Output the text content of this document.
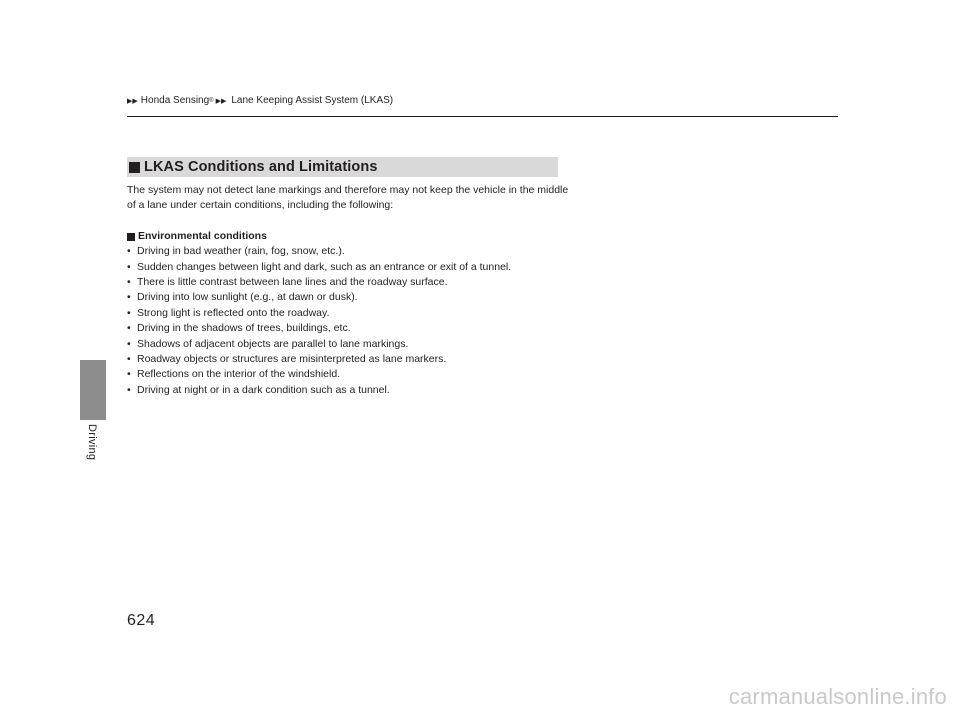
▶ ▶ Honda Sensing ® ▶ ▶ Lane Keeping Assist System (LKAS)
Driving
LKAS Conditions and Limitations

The system may not detect lane markings and therefore may not keep the vehicle in the middle of a lane under certain conditions, including the following:

Environmental conditions
• Driving in bad weather (rain, fog, snow, etc.).
• Sudden changes between light and dark, such as an entrance or exit of a tunnel.
• There is little contrast between lane lines and the roadway surface.
• Driving into low sunlight (e.g., at dawn or dusk).
• Strong light is reflected onto the roadway.
• Driving in the shadows of trees, buildings, etc.
• Shadows of adjacent objects are parallel to lane markings.
• Roadway objects or structures are misinterpreted as lane markers.
• Reflections on the interior of the windshield.
• Driving at night or in a dark condition such as a tunnel.
624
carmanualsonline.info
